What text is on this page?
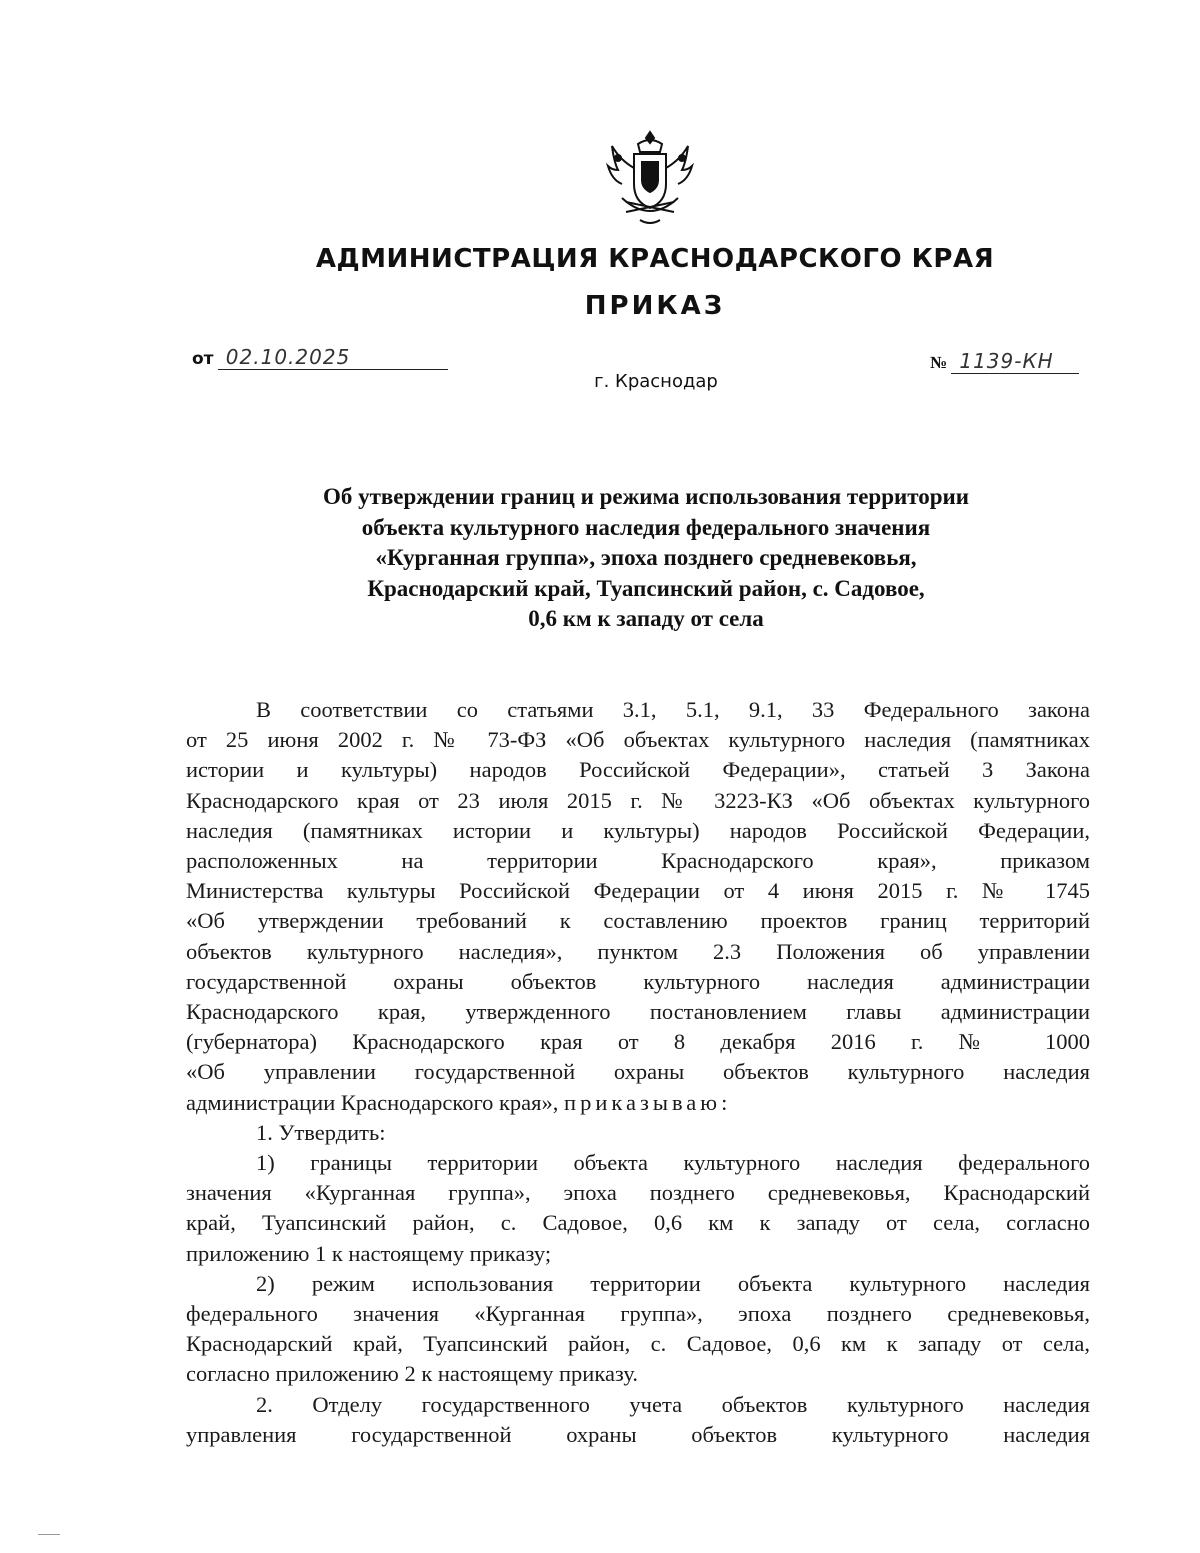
АДМИНИСТРАЦИЯ КРАСНОДАРСКОГО КРАЯ
ПРИКАЗ
от 02.10.2025	№ 1139-КН
г. Краснодар
Об утверждении границ и режима использования территории
объекта культурного наследия федерального значения
«Курганная группа», эпоха позднего средневековья,
Краснодарский край, Туапсинский район, с. Садовое,
0,6 км к западу от села
В соответствии со статьями 3.1, 5.1, 9.1, 33 Федерального закона
от 25 июня 2002 г. № 73-ФЗ «Об объектах культурного наследия (памятниках
истории и культуры) народов Российской Федерации», статьей 3 Закона
Краснодарского края от 23 июля 2015 г. № 3223-КЗ «Об объектах культурного
наследия (памятниках истории и культуры) народов Российской Федерации,
расположенных на территории Краснодарского края», приказом
Министерства культуры Российской Федерации от 4 июня 2015 г. № 1745
«Об утверждении требований к составлению проектов границ территорий
объектов культурного наследия», пунктом 2.3 Положения об управлении
государственной охраны объектов культурного наследия администрации
Краснодарского края, утвержденного постановлением главы администрации
(губернатора) Краснодарского края от 8 декабря 2016 г. № 1000
«Об управлении государственной охраны объектов культурного наследия
администрации Краснодарского края», приказываю:
1. Утвердить:
1) границы территории объекта культурного наследия федерального
значения «Курганная группа», эпоха позднего средневековья, Краснодарский
край, Туапсинский район, с. Садовое, 0,6 км к западу от села, согласно
приложению 1 к настоящему приказу;
2) режим использования территории объекта культурного наследия
федерального значения «Курганная группа», эпоха позднего средневековья,
Краснодарский край, Туапсинский район, с. Садовое, 0,6 км к западу от села,
согласно приложению 2 к настоящему приказу.
2. Отделу государственного учета объектов культурного наследия
управления государственной охраны объектов культурного наследия
